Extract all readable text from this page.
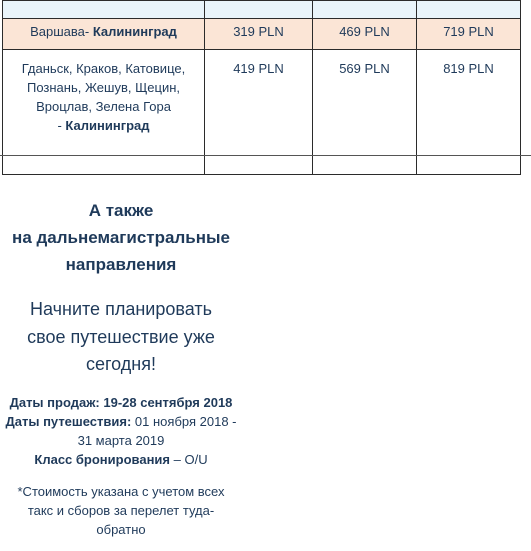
Варшава- Калининград	319 PLN	469 PLN	719 PLN
Гданьск, Краков, Катовице,
Познань, Жешув, Щецин,
Вроцлав, Зелена Гора
- Калининград	419 PLN	569 PLN	819 PLN
А также
на дальнемагистральные
направления
Начните планировать
свое путешествие уже
сегодня!
Даты продаж: 19-28 сентября 2018
Даты путешествия: 01 ноября 2018 -
31 марта 2019
Класс бронирования – O/U
*Стоимость указана с учетом всех такс и сборов за перелет туда-обратно
